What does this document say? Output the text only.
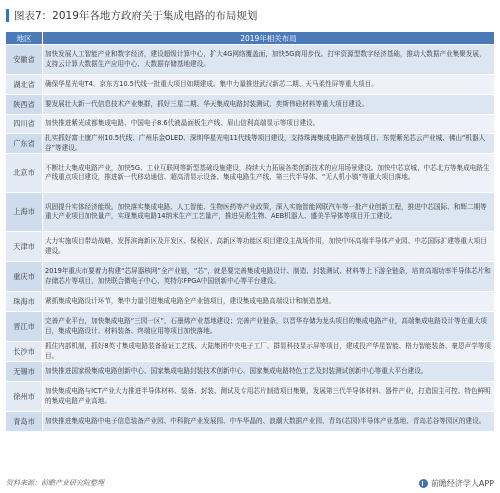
图表7：2019年各地方政府关于集成电路的布局规划
地区	2019年相关布局
安徽省	加快发展人工智能产业和数字经济，建设超级计算中心，扩大4G网络覆盖面，加快5G商用步伐。打牢资源型数字经济基础，推动大数据产业集聚发展，支持云计算大数据生产应用中心、大数据存储基地建设。
湖北省	确保华星光电T4、京东方10.5代线一批重大项目如期建成。集中力量推进武汉新芯二期、天马柔性屏等重大项目。
陕西省	要发展壮大新一代信息技术产业集群，抓好三星二期、华天集成电路封装测试、奕斯伟硅材料等重大项目建设。
四川省	加快推进紫光成都集成电路、中国电子8.6代液晶面板生产线、眉山信利高端显示等项目建设。
广东省	扎实抓好富士康广州10.5代线、广州乐金OLED、深圳华星光电11代线等项目建设，支持珠海集成电路产业链项目、东莞紫光芯云产业城、佛山“机器人谷”等建设。
北京市	不断壮大集成电路产业，加快5G、工业互联网等新型基础设施建设，持续大力拓展各类创新技术的应用场景建设。加快中芯京城、中芯北方等集成电路生产线重点项目建设，推进新一代移动通信、超高清显示设备、集成电路生产线、第三代半导体、“无人机小镇”等重大项目落地。
上海市	巩固提升实体经济能级。加快落实集成电路、人工智能、生物医药等产业政策，深入实施智能网联汽车等一批产业创新工程，推进中芯国际、和辉二期等重大产业项目加快量产，实现集成电路14纳米生产工艺量产，推进吴淞生物、AEB机器人、盛美半导体等项目开工建设。
天津市	大力实施项目带动战略，发挥滨海新区及开发区、保税区、高新区等功能区项目建设主战场作用，加快中环高端半导体产业园、中芯国际扩建等重大项目建设。
重庆市	2019年重庆市要着力构建“芯屏器核网”全产业链，“芯”，就是要完善集成电路设计、制造、封装测试、材料等上下游全链条，培育高端功率半导体芯片和存储芯片等项目，加快联合微电子中心、英特尔FPGA中国创新中心等平台建设。
珠海市	紧抓集成电路设计环节，集中力量引进集成电路全产业链项目，建设集成电路高端设计和制造基地。
晋江市	完善产业平台，加快集成电路“三园一区”，石墨烯产业基地建设；完善产业链条，以晋华存储为龙头项目的集成电路产业，高端集成电路设计等在重大项目，集成电路设计、材料装备、终端应用等项目加快落地。
长沙市	抓住内部机制，抓好8英寸集成电路装备验证工艺线、大陆集团中央电子工厂、群显科技显示屏等项目，建成投产华星智能、格力智能装备、豪恩声学等项目。
无锡市	加快推进国家级集成电路创新中心、国家集成电路封装技术创新中心、国家集成电路特色工艺及封装测试创新中心等重大平台建设。
徐州市	加快集成电路与ICT产业大力推进半导体材料、装备、封装、测试及专用芯片制造项目集聚，发展第三代半导体材料、器件产业，打造国主可控、特色鲜明的集成电路产业高地。
青岛市	加快推进集成电路中电子信息装备产业园、中科院产业发展园、中车华晶的、浪潮大数据产业园、青岛(芯园)半导体产业基地、青岛芯谷等园区的建设。
资料来源：前瞻产业研究院整理	前瞻经济学人APP
